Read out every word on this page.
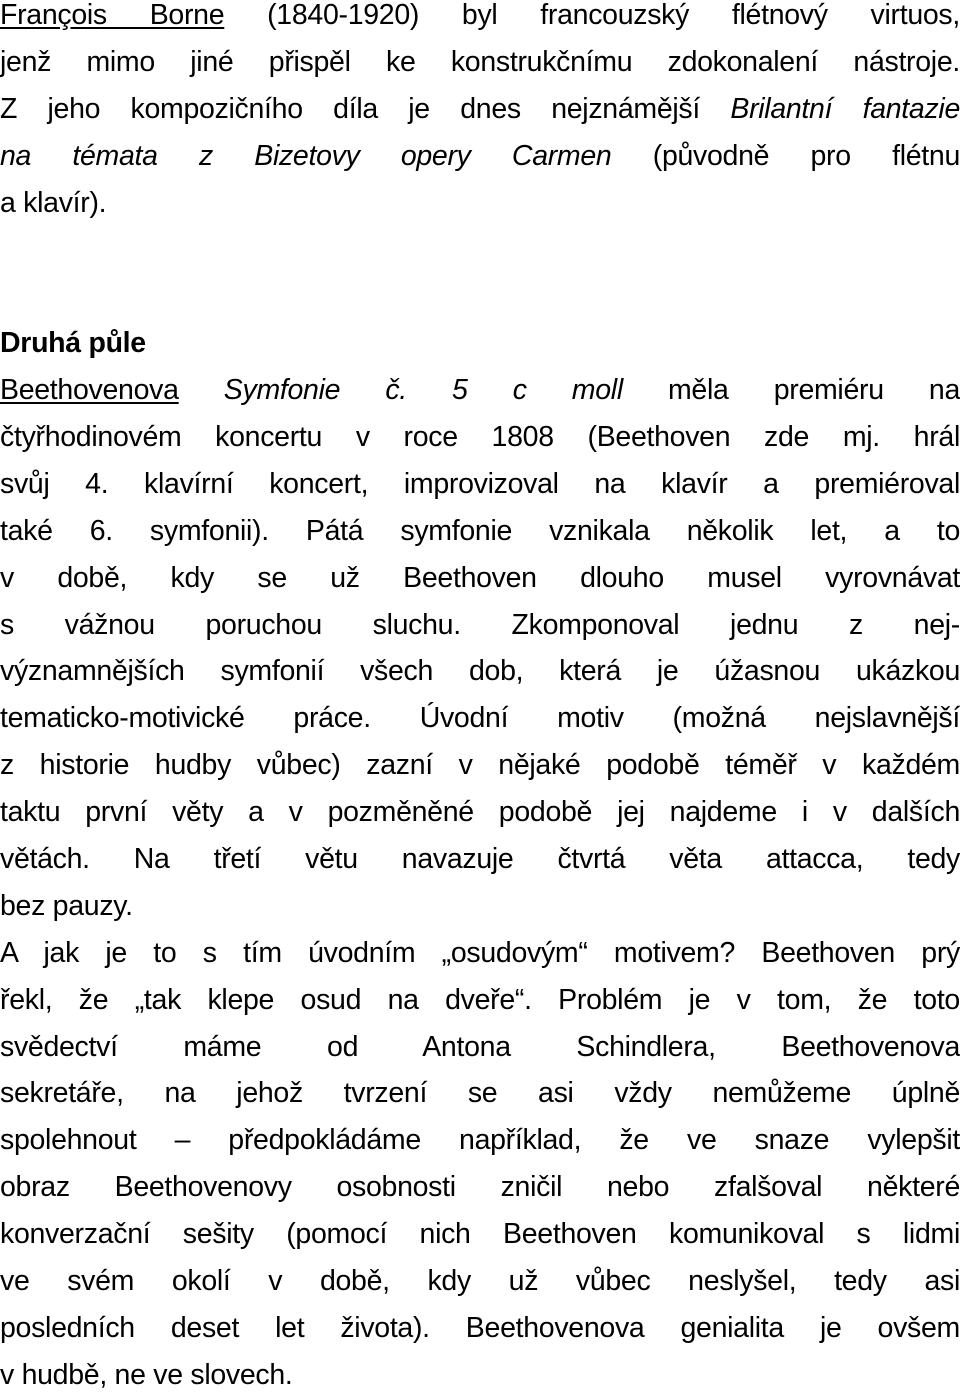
François Borne (1840-1920) byl francouzský flétnový virtuos,
jenž mimo jiné přispěl ke konstrukčnímu zdokonalení nástroje.
Z jeho kompozičního díla je dnes nejznámější Brilantní fantazie
na témata z Bizetovy opery Carmen (původně pro flétnu
a klavír).

Druhá půle
Beethovenova Symfonie č. 5 c moll měla premiéru na
čtyřhodinovém koncertu v roce 1808 (Beethoven zde mj. hrál
svůj 4. klavírní koncert, improvizoval na klavír a premiéroval
také 6. symfonii). Pátá symfonie vznikala několik let, a to
v době, kdy se už Beethoven dlouho musel vyrovnávat
s vážnou poruchou sluchu. Zkomponoval jednu z nej-
významnějších symfonií všech dob, která je úžasnou ukázkou
tematicko-motivické práce. Úvodní motiv (možná nejslavnější
z historie hudby vůbec) zazní v nějaké podobě téměř v každém
taktu první věty a v pozměněné podobě jej najdeme i v dalších
větách. Na třetí větu navazuje čtvrtá věta attacca, tedy
bez pauzy.
A jak je to s tím úvodním „osudovým“ motivem? Beethoven prý
řekl, že „tak klepe osud na dveře“. Problém je v tom, že toto
svědectví máme od Antona Schindlera, Beethovenova
sekretáře, na jehož tvrzení se asi vždy nemůžeme úplně
spolehnout – předpokládáme například, že ve snaze vylepšit
obraz Beethovenovy osobnosti zničil nebo zfalšoval některé
konverzační sešity (pomocí nich Beethoven komunikoval s lidmi
ve svém okolí v době, kdy už vůbec neslyšel, tedy asi
posledních deset let života). Beethovenova genialita je ovšem
v hudbě, ne ve slovech.
